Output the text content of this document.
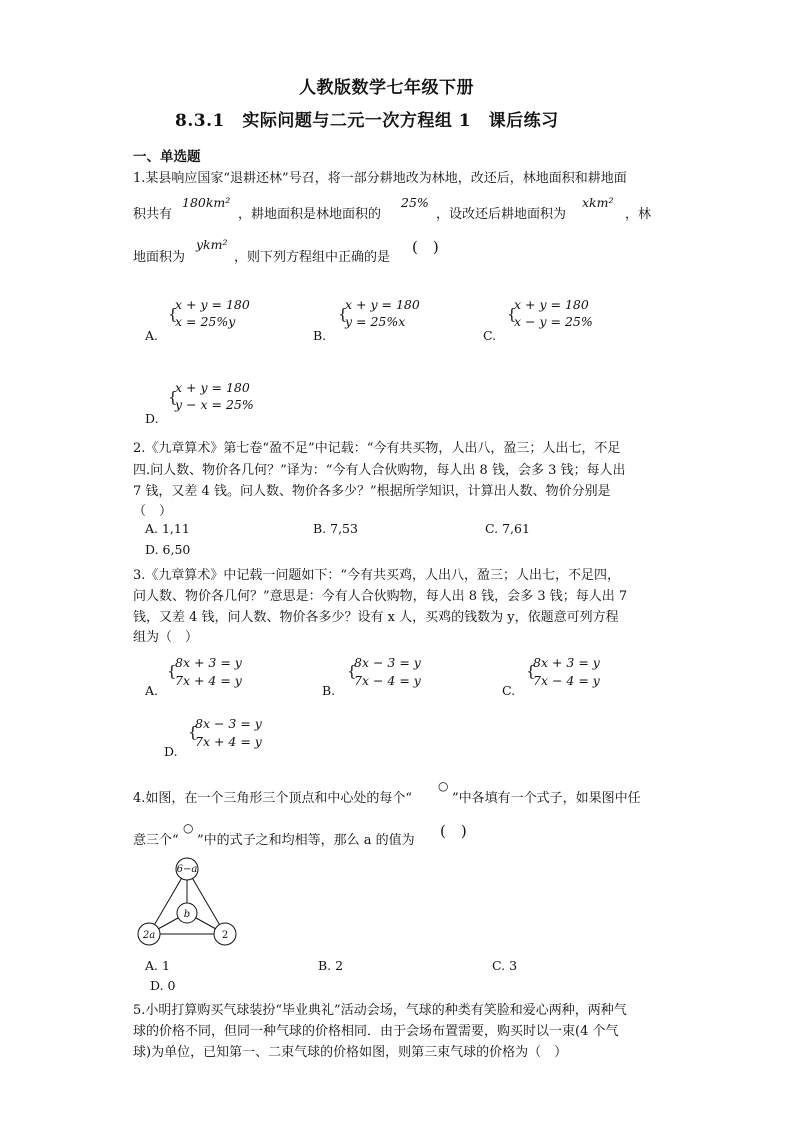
人教版数学七年级下册
8.3.1　实际问题与二元一次方程组 1　课后练习
一、单选题
1.某县响应国家“退耕还林”号召，将一部分耕地改为林地，改还后，林地面积和耕地面
积共有
180km²
，耕地面积是林地面积的
25%
，设改还后耕地面积为
xkm²
，林
地面积为
ykm²
，则下列方程组中正确的是
(　)
A.
{
x + y = 180
x = 25%y
B.
{
x + y = 180
y = 25%x
C.
{
x + y = 180
x − y = 25%
D.
{
x + y = 180
y − x = 25%
2.《九章算术》第七卷“盈不足”中记载：“今有共买物，人出八，盈三；人出七，不足
四.问人数、物价各几何？”译为：“今有人合伙购物，每人出 8 钱，会多 3 钱；每人出
7 钱，又差 4 钱。问人数、物价各多少？”根据所学知识，计算出人数、物价分别是
（　）
A. 1,11	B. 7,53	C. 7,61
D. 6,50
3.《九章算术》中记载一问题如下：“今有共买鸡，人出八，盈三；人出七，不足四，
问人数、物价各几何？”意思是：今有人合伙购物，每人出 8 钱，会多 3 钱；每人出 7
钱，又差 4 钱，问人数、物价各多少？设有 x 人，买鸡的钱数为 y，依题意可列方程
组为（　）
A.
{
8x + 3 = y
7x + 4 = y
B.
{
8x − 3 = y
7x − 4 = y
C.
{
8x + 3 = y
7x − 4 = y
D.
{
8x − 3 = y
7x + 4 = y
4.如图，在一个三角形三个顶点和中心处的每个“
○
”中各填有一个式子，如果图中任
意三个“
○
”中的式子之和均相等，那么 a 的值为
(　)
6−a
b
2a	2
A. 1	B. 2	C. 3
D. 0
5.小明打算购买气球装扮“毕业典礼”活动会场，气球的种类有笑脸和爱心两种，两种气
球的价格不同，但同一种气球的价格相同．由于会场布置需要，购买时以一束(4 个气
球)为单位，已知第一、二束气球的价格如图，则第三束气球的价格为（　）
